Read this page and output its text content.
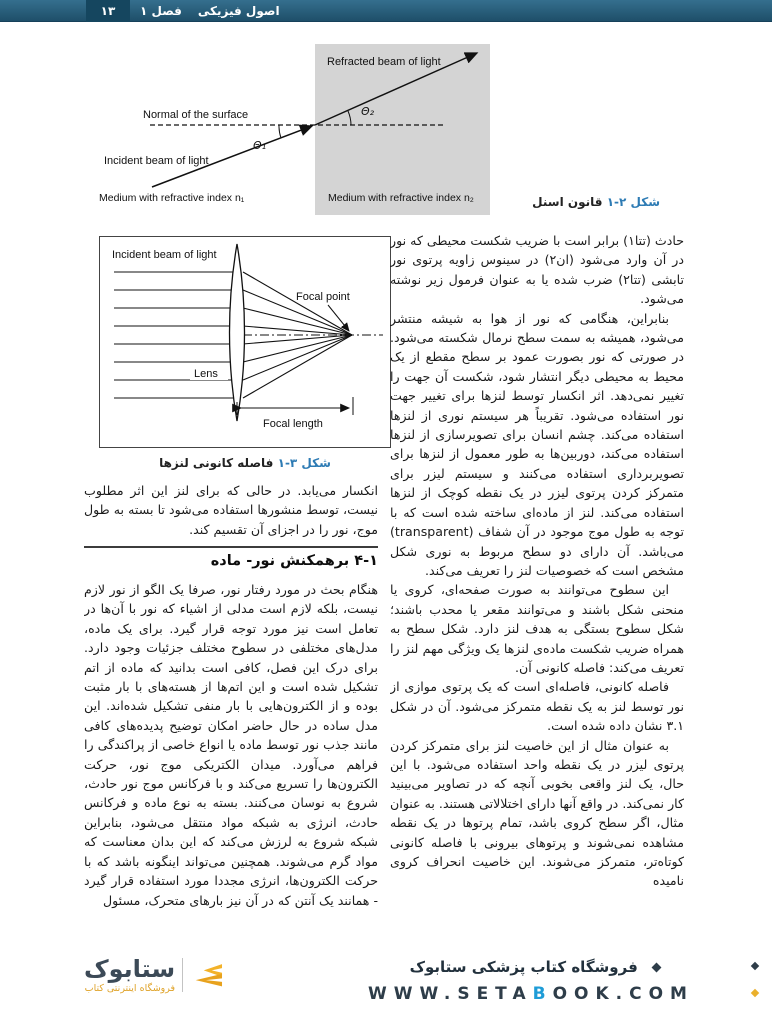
۱۳	فصل ۱ اصول فیزیکی
Θ₁
Θ₂
Refracted beam of light
Normal of the surface
Incident beam of light
Medium with refractive index n₁	Medium with refractive index n₂	شکل ۲-۱ قانون اسنل
Incident beam of light
Focal point
Lens
Focal length
شکل ۳-۱ فاصله کانونی لنزها

حادث (تتا۱) برابر است با ضریب شکست محیطی که نور در آن وارد می‌شود (ان۲) در سینوس زاویه پرتوی نور تابشی (تتا۲) ضرب شده یا به عنوان فرمول زیر نوشته می‌شود.

بنابراین، هنگامی که نور از هوا به شیشه منتشر می‌شود، همیشه به سمت سطح نرمال شکسته می‌شود. در صورتی که نور بصورت عمود بر سطح مقطع از یک محیط به محیطی دیگر انتشار شود، شکست آن جهت را تغییر نمی‌دهد. اثر انکسار توسط لنزها برای تغییر جهت نور استفاده می‌شود. تقریباً هر سیستم نوری از لنزها استفاده می‌کند. چشم انسان برای تصویرسازی از لنزها استفاده می‌کند، دوربین‌ها به طور معمول از لنزها برای تصویربرداری استفاده می‌کنند و سیستم لیزر برای متمرکز کردن پرتوی لیزر در یک نقطه کوچک از لنزها استفاده می‌کند. لنز از ماده‌ای ساخته شده است که با توجه به طول موج موجود در آن شفاف (transparent) می‌باشد. آن دارای دو سطح مربوط به نوری شکل مشخص است که خصوصیات لنز را تعریف می‌کند.

این سطوح می‌توانند به صورت صفحه‌ای، کروی یا منحنی شکل باشند و می‌توانند مقعر یا محدب باشند؛ شکل سطوح بستگی به هدف لنز دارد. شکل سطح به همراه ضریب شکست ماده‌ی لنزها یک ویژگی مهم لنز را تعریف می‌کند: فاصله کانونی آن.

فاصله کانونی، فاصله‌ای است که یک پرتوی موازی از نور توسط لنز به یک نقطه متمرکز می‌شود. آن در شکل ۳.۱ نشان داده شده است.

به عنوان مثال از این خاصیت لنز برای متمرکز کردن پرتوی لیزر در یک نقطه واحد استفاده می‌شود. با این حال، یک لنز واقعی بخوبی آنچه که در تصاویر می‌بینید کار نمی‌کند. در واقع آنها دارای اختلالاتی هستند. به عنوان مثال، اگر سطح کروی باشد، تمام پرتوها در یک نقطه مشاهده نمی‌شوند و پرتوهای بیرونی با فاصله کانونی کوتاه‌تر، متمرکز می‌شوند. این خاصیت انحراف کروی نامیده

انکسار می‌یابد. در حالی که برای لنز این اثر مطلوب نیست، توسط منشورها استفاده می‌شود تا بسته به طول موج، نور را در اجزای آن تقسیم کند.

۴-۱ برهمکنش نور- ماده

هنگام بحث در مورد رفتار نور، صرفا یک الگو از نور لازم نیست، بلکه لازم است مدلی از اشیاء که نور با آن‌ها در تعامل است نیز مورد توجه قرار گیرد. برای یک ماده، مدل‌های مختلفی در سطوح مختلف جزئیات وجود دارد. برای درک این فصل، کافی است بدانید که ماده از اتم تشکیل شده است و این اتم‌ها از هسته‌های با بار مثبت بوده و از الکترون‌هایی با بار منفی تشکیل شده‌اند. این مدل ساده در حال حاضر امکان توضیح پدیده‌های کافی مانند جذب نور توسط ماده یا انواع خاصی از پراکندگی را فراهم می‌آورد. میدان الکتریکی موج نور، حرکت الکترون‌ها را تسریع می‌کند و با فرکانس موج نور حادث، شروع به نوسان می‌کنند. بسته به نوع ماده و فرکانس حادث، انرژی به شبکه مواد منتقل می‌شود، بنابراین شبکه شروع به لرزش می‌کند که این بدان معناست که مواد گرم می‌شوند. همچنین می‌تواند اینگونه باشد که با حرکت الکترون‌ها، انرژی مجددا مورد استفاده قرار گیرد - همانند یک آنتن که در آن نیز بارهای متحرک، مسئول

ستابوک
فروشگاه اینترنتی کتاب
فروشگاه کتاب پزشکی ستابوک
WWW.SETABOOK.COM
